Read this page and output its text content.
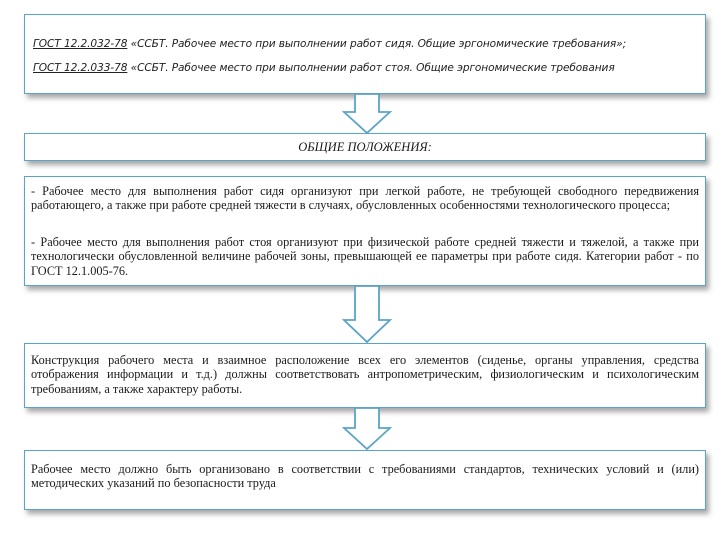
ГОСТ 12.2.032-78 «ССБТ. Рабочее место при выполнении работ сидя. Общие эргономические требования»;
ГОСТ 12.2.033-78 «ССБТ. Рабочее место при выполнении работ стоя. Общие эргономические требования
ОБЩИЕ ПОЛОЖЕНИЯ:
- Рабочее место для выполнения работ сидя организуют при легкой работе, не требующей свободного передвижения работающего, а также при работе средней тяжести в случаях, обусловленных особенностями технологического процесса;
- Рабочее место для выполнения работ стоя организуют при физической работе средней тяжести и тяжелой, а также при технологически обусловленной величине рабочей зоны, превышающей ее параметры при работе сидя. Категории работ - по ГОСТ 12.1.005-76.
Конструкция рабочего места и взаимное расположение всех его элементов (сиденье, органы управления, средства отображения информации и т.д.) должны соответствовать антропометрическим, физиологическим и психологическим требованиям, а также характеру работы.
Рабочее место должно быть организовано в соответствии с требованиями стандартов, технических условий и (или) методических указаний по безопасности труда
